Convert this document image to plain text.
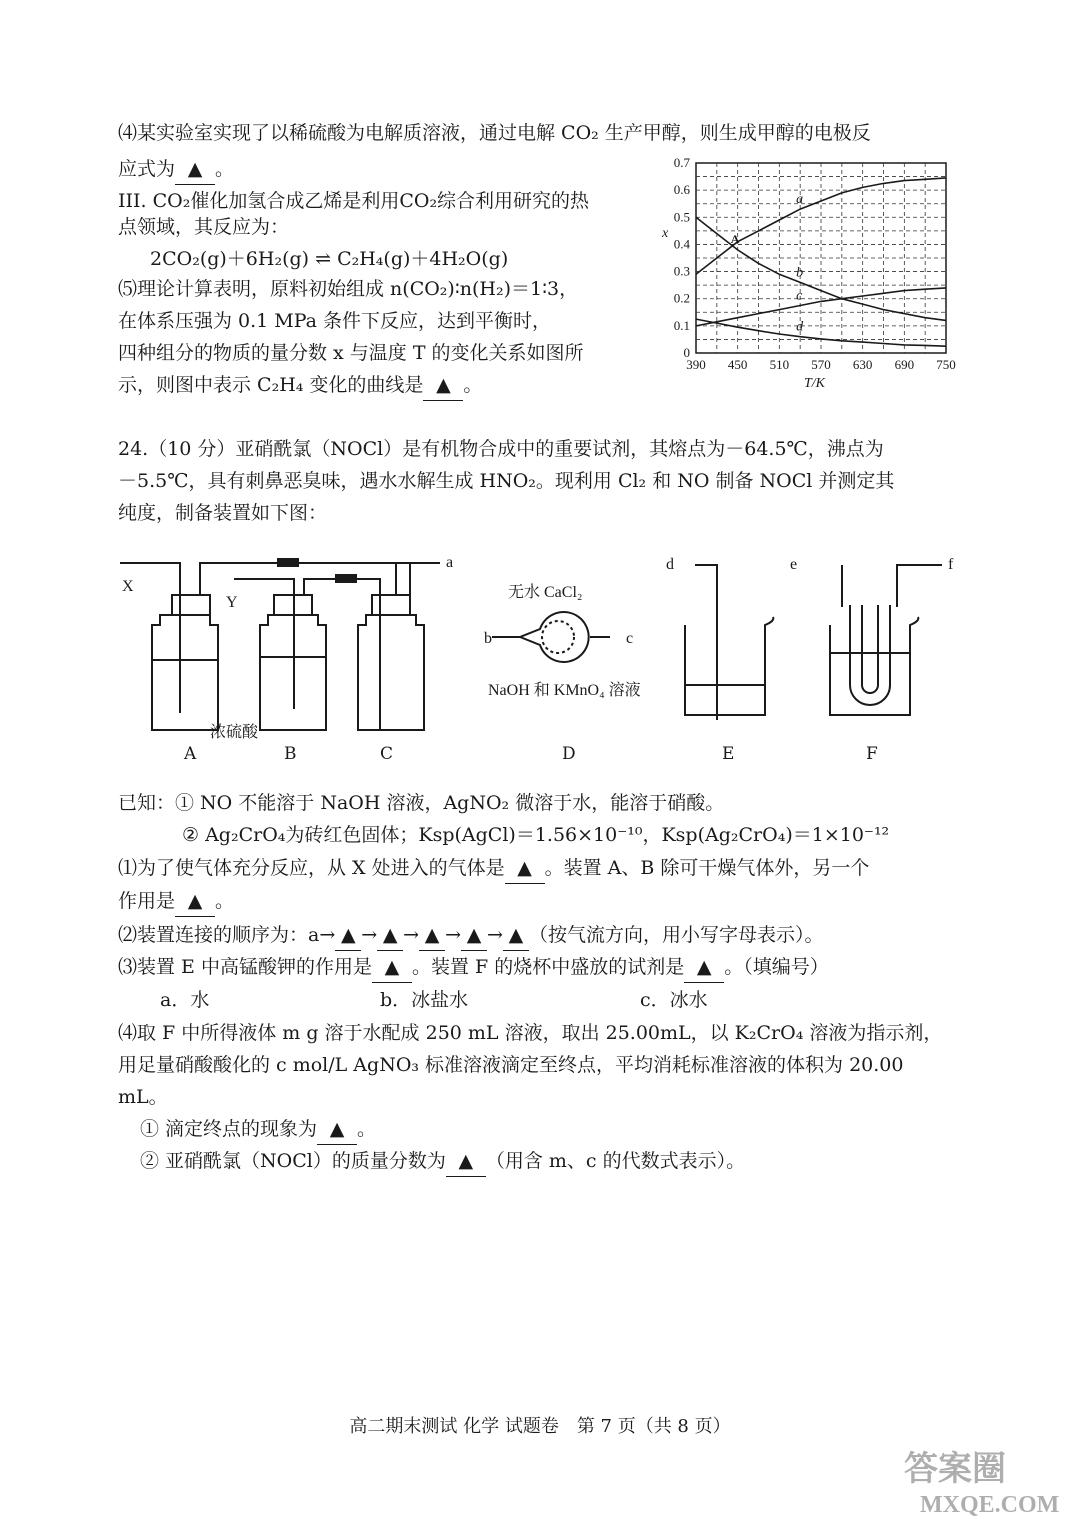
⑷某实验室实现了以稀硫酸为电解质溶液，通过电解 CO₂ 生产甲醇，则生成甲醇的电极反
应式为 ▲ 。
III. CO₂催化加氢合成乙烯是利用CO₂综合利用研究的热
点领域，其反应为：
2CO₂(g)＋6H₂(g) ⇌ C₂H₄(g)＋4H₂O(g)
⑸理论计算表明，原料初始组成 n(CO₂)∶n(H₂)＝1∶3，
在体系压强为 0.1 MPa 条件下反应，达到平衡时，
四种组分的物质的量分数 x 与温度 T 的变化关系如图所
示，则图中表示 C₂H₄ 变化的曲线是 ▲ 。
0
0.1
0.2
0.3
0.4
0.5
0.6
0.7
390 450 510 570 630 690 750
a
b
c
d
A
x
T/K
24.（10 分）亚硝酰氯（NOCl）是有机物合成中的重要试剂，其熔点为－64.5℃，沸点为
－5.5℃，具有刺鼻恶臭味，遇水水解生成 HNO₂。现利用 Cl₂ 和 NO 制备 NOCl 并测定其
纯度，制备装置如下图：
X
Y
a
b	c
d	e	f
无水 CaCl₂
浓硫酸
NaOH 和 KMnO₄ 溶液
A	B	C	D	E	F
已知：① NO 不能溶于 NaOH 溶液，AgNO₂ 微溶于水，能溶于硝酸。
② Ag₂CrO₄为砖红色固体；Ksp(AgCl)＝1.56×10⁻¹⁰，Ksp(Ag₂CrO₄)＝1×10⁻¹²
⑴为了使气体充分反应，从 X 处进入的气体是 ▲ 。装置 A、B 除可干燥气体外，另一个
作用是 ▲ 。
⑵装置连接的顺序为：a→ ▲ → ▲ → ▲ → ▲ → ▲ （按气流方向，用小写字母表示）。
⑶装置 E 中高锰酸钾的作用是 ▲ 。装置 F 的烧杯中盛放的试剂是 ▲ 。（填编号）
a．水	b．冰盐水	c．冰水
⑷取 F 中所得液体 m g 溶于水配成 250 mL 溶液，取出 25.00mL，以 K₂CrO₄ 溶液为指示剂，
用足量硝酸酸化的 c mol/L AgNO₃ 标准溶液滴定至终点，平均消耗标准溶液的体积为 20.00
mL。
① 滴定终点的现象为 ▲ 。
② 亚硝酰氯（NOCl）的质量分数为 ▲ （用含 m、c 的代数式表示）。
高二期末测试 化学 试题卷　第 7 页（共 8 页）
答案圈
MXQE.COM
